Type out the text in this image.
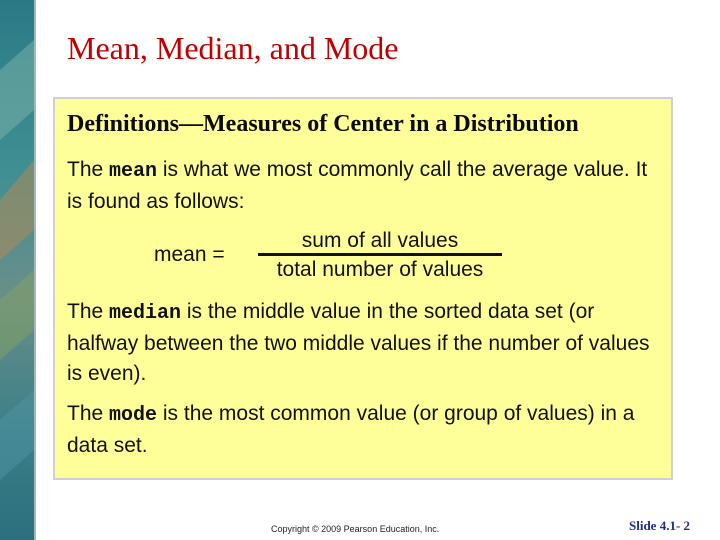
Mean, Median, and Mode
Definitions—Measures of Center in a Distribution
The mean is what we most commonly call the average value. It is found as follows:
mean =
sum of all values
total number of values
The median is the middle value in the sorted data set (or halfway between the two middle values if the number of values is even).
The mode is the most common value (or group of values) in a data set.
Copyright © 2009 Pearson Education, Inc.	Slide 4.1- 2
